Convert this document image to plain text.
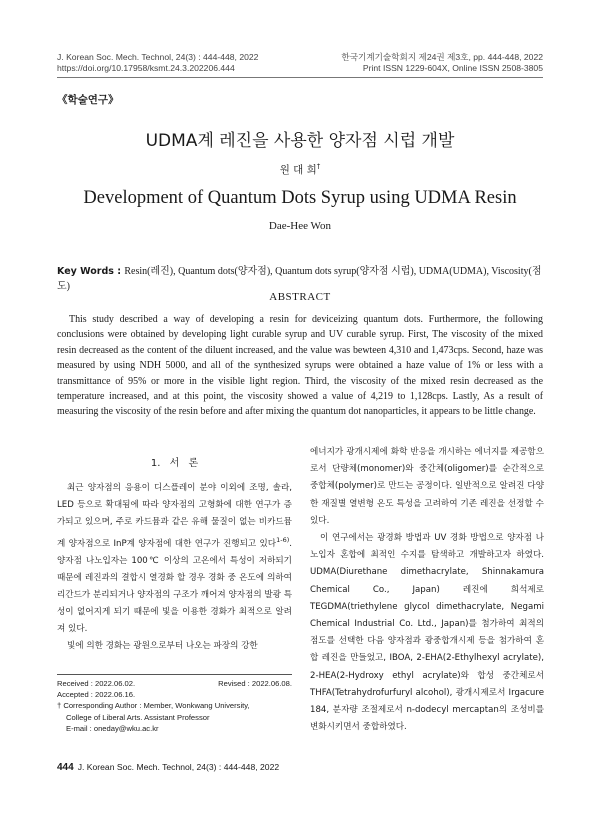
J. Korean Soc. Mech. Technol, 24(3) : 444-448, 2022
https://doi.org/10.17958/ksmt.24.3.202206.444
한국기계기술학회지 제24권 제3호, pp. 444-448, 2022
Print ISSN 1229-604X, Online ISSN 2508-3805
《학술연구》
UDMA계 레진을 사용한 양자점 시럽 개발
원 대 희†
Development of Quantum Dots Syrup using UDMA Resin
Dae-Hee Won
Key Words : Resin(레진), Quantum dots(양자점), Quantum dots syrup(양자점 시럽), UDMA(UDMA), Viscosity(점도)
ABSTRACT
This study described a way of developing a resin for deviceizing quantum dots. Furthermore, the following conclusions were obtained by developing light curable syrup and UV curable syrup. First, The viscosity of the mixed resin decreased as the content of the diluent increased, and the value was bewteen 4,310 and 1,473cps. Second, haze was measured by using NDH 5000, and all of the synthesized syrups were obtained a haze value of 1% or less with a transmittance of 95% or more in the visible light region. Third, the viscosity of the mixed resin decreased as the temperature increased, and at this point, the viscosity showed a value of 4,219 to 1,128cps. Lastly, As a result of measuring the viscosity of the resin before and after mixing the quantum dot nanoparticles, it appears to be little change.
1. 서 론
최근 양자점의 응용이 디스플레이 분야 이외에 조명, 솔라, LED 등으로 확대됨에 따라 양자점의 고형화에 대한 연구가 증가되고 있으며, 주로 카드뮴과 같은 유해 물질이 없는 비카드뮴계 양자점으로 InP계 양자점에 대한 연구가 진행되고 있다$^{1-6)}$. 양자점 나노입자는 100℃ 이상의 고온에서 특성이 저하되기 때문에 레진과의 결합시 열경화 할 경우 경화 중 온도에 의하여 리간드가 분리되거나 양자점의 구조가 깨어져 양자점의 발광 특성이 없어지게 되기 때문에 빛을 이용한 경화가 최적으로 알려져 있다.
빛에 의한 경화는 광원으로부터 나오는 파장의 강한
Received : 2022.06.02.	Revised : 2022.06.08.
Accepted : 2022.06.16.
† Corresponding Author : Member, Wonkwang University,
College of Liberal Arts. Assistant Professor
E-mail : oneday@wku.ac.kr

에너지가 광개시제에 화학 반응을 개시하는 에너지를 제공함으로서 단량체(monomer)와 중간체(oligomer)를 순간적으로 중합체(polymer)로 만드는 공정이다. 일반적으로 알려진 다양한 재질별 열변형 온도 특성을 고려하여 기존 레진을 선정할 수 있다.

이 연구에서는 광경화 방법과 UV 경화 방법으로 양자점 나노입자 혼합에 최적인 수지를 탐색하고 개발하고자 하였다. UDMA(Diurethane dimethacrylate, Shinnakamura Chemical Co., Japan) 레진에 희석제로 TEGDMA(triethylene glycol dimethacrylate, Negami Chemical Industrial Co. Ltd., Japan)를 첨가하여 최적의 점도를 선택한 다음 양자점과 광중합개시제 등을 첨가하여 혼합 레진을 만들었고, IBOA, 2-EHA(2-Ethylhexyl acrylate), 2-HEA(2-Hydroxy ethyl acrylate)와 합성 중간체로서 THFA(Tetrahydrofurfuryl alcohol), 광개시제로서 Irgacure 184, 분자량 조절제로서 n-dodecyl mercaptan의 조성비를 변화시키면서 중합하였다.

444 J. Korean Soc. Mech. Technol, 24(3) : 444-448, 2022
